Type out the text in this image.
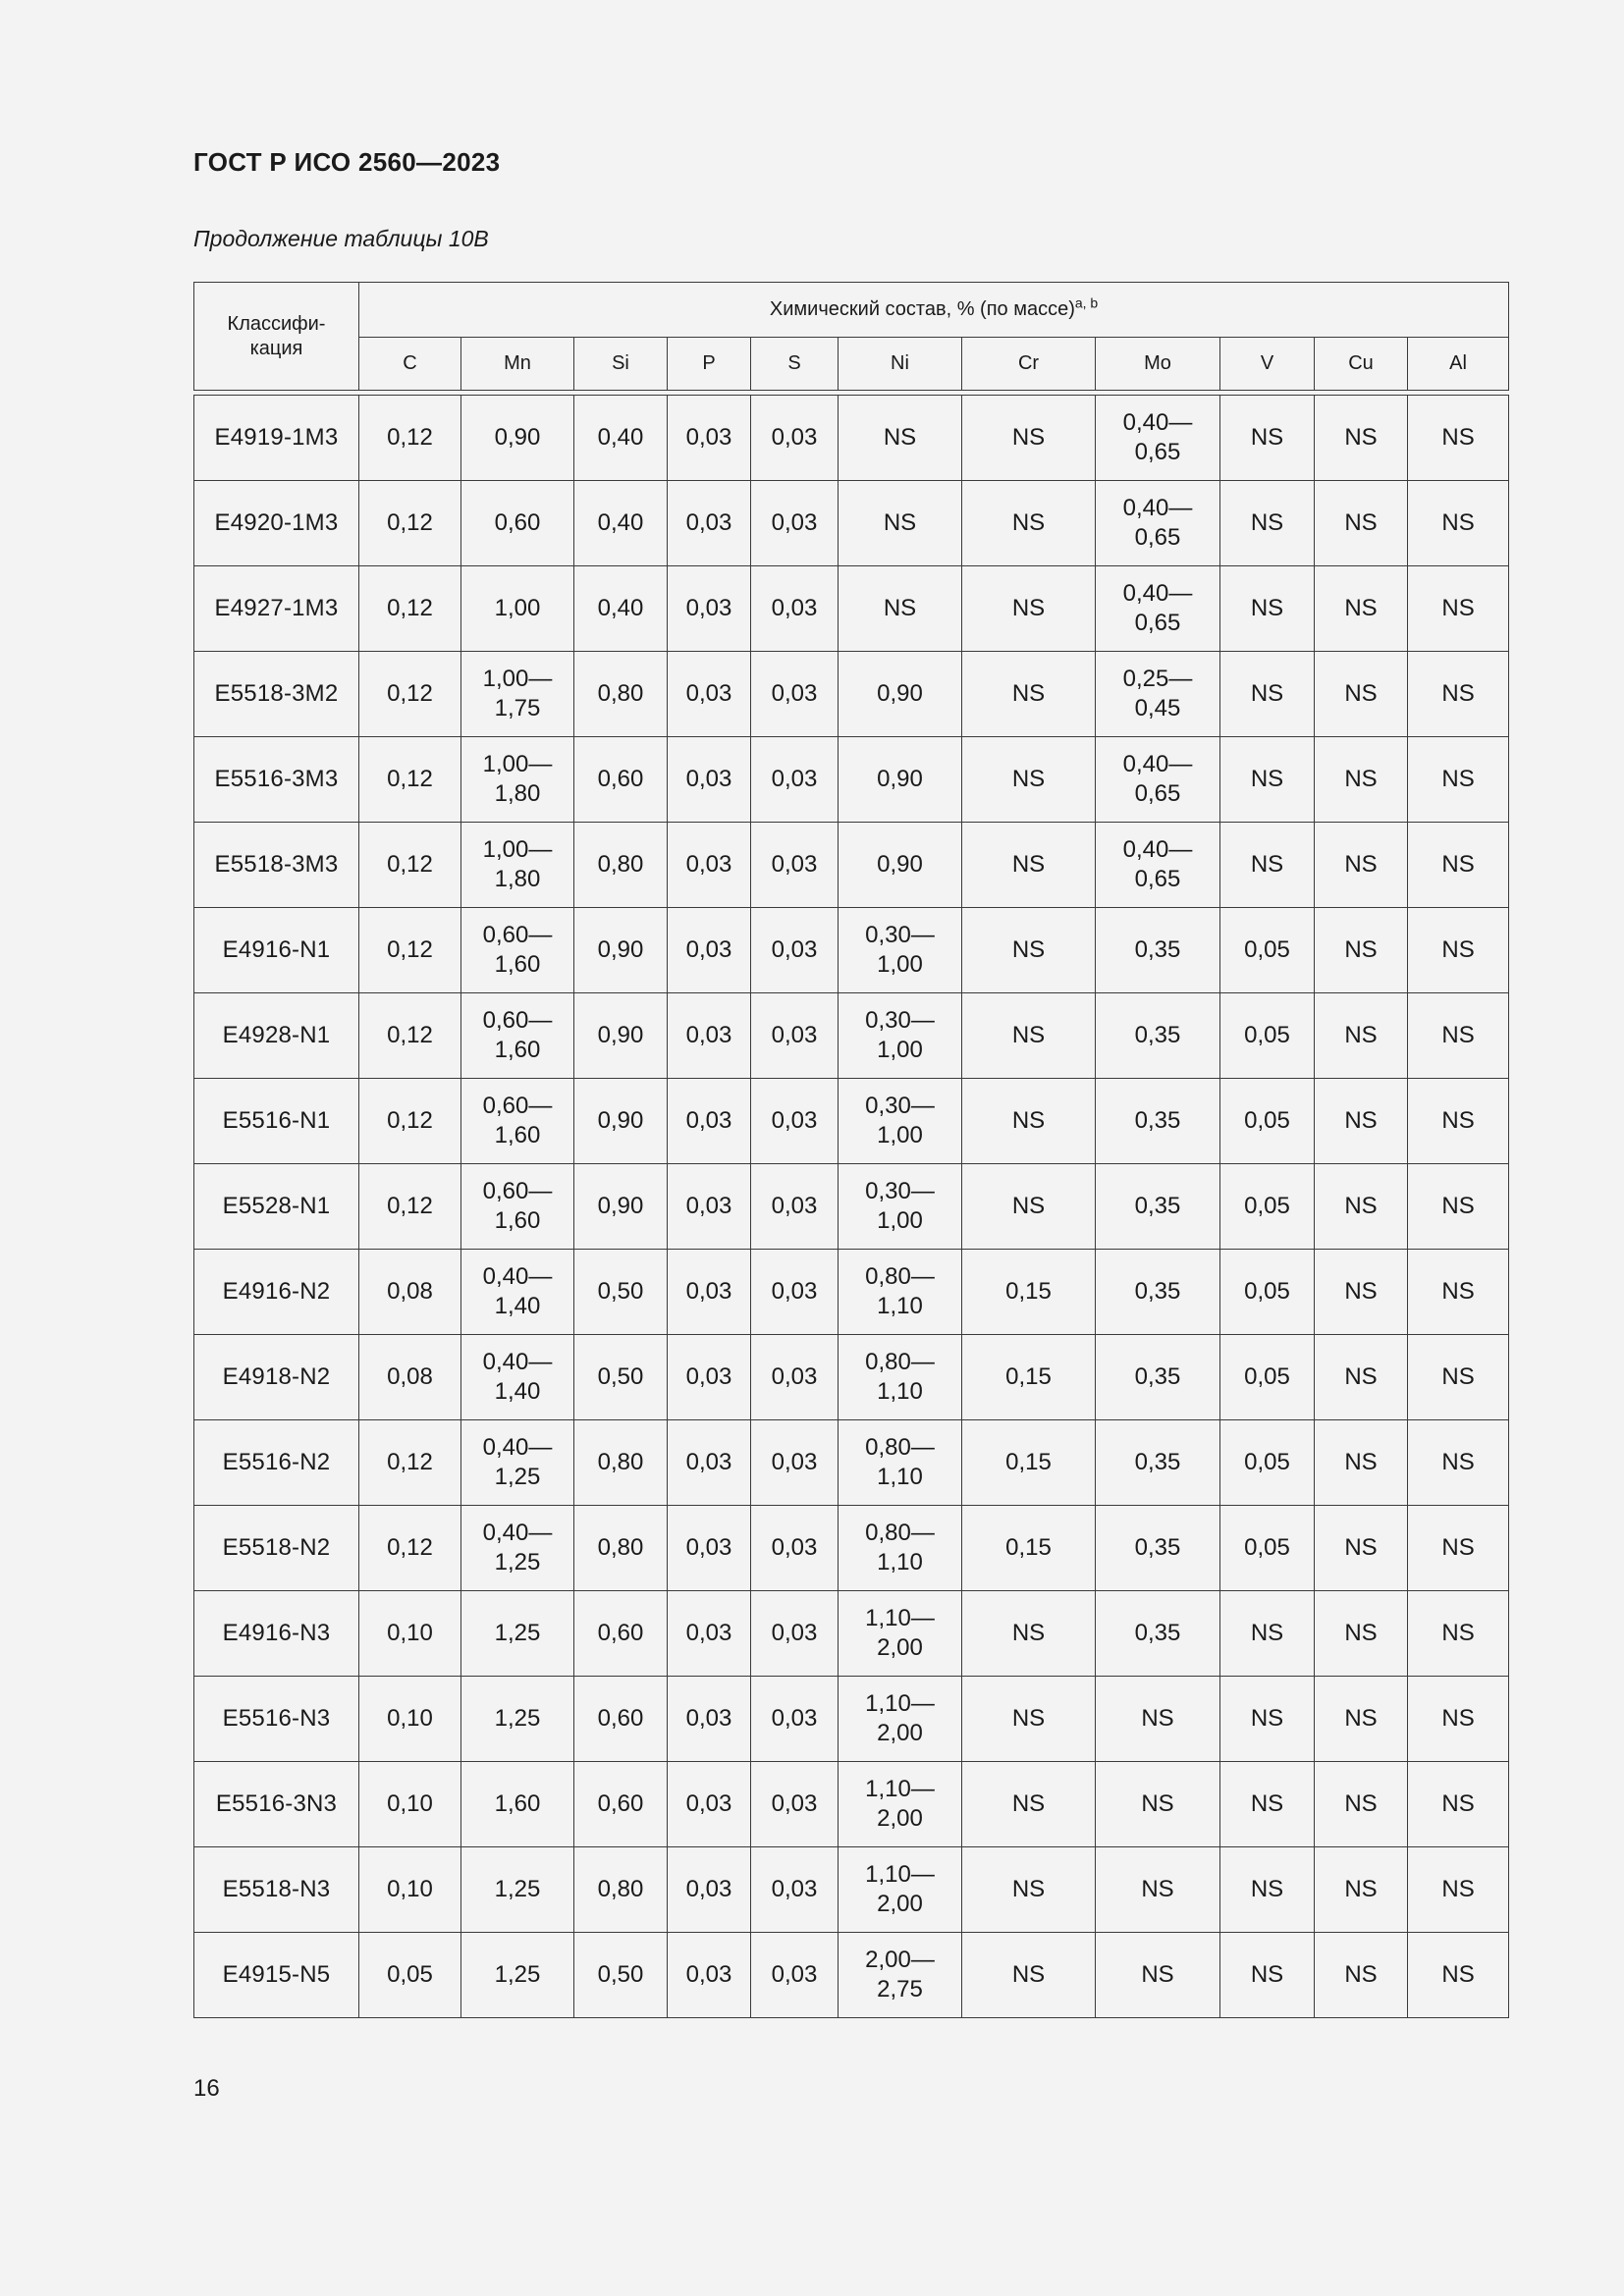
ГОСТ Р ИСО 2560—2023
Продолжение таблицы 10B
Классифи-
кация	Химический состав, % (по массе)$^{a, b}$
	C	Mn	Si	P	S	Ni	Cr	Mo	V	Cu	Al

E4919-1M3	0,12	0,90	0,40	0,03	0,03	NS	NS	0,40—
0,65	NS	NS	NS
E4920-1M3	0,12	0,60	0,40	0,03	0,03	NS	NS	0,40—
0,65	NS	NS	NS
E4927-1M3	0,12	1,00	0,40	0,03	0,03	NS	NS	0,40—
0,65	NS	NS	NS
E5518-3M2	0,12	1,00—
1,75	0,80	0,03	0,03	0,90	NS	0,25—
0,45	NS	NS	NS
E5516-3M3	0,12	1,00—
1,80	0,60	0,03	0,03	0,90	NS	0,40—
0,65	NS	NS	NS
E5518-3M3	0,12	1,00—
1,80	0,80	0,03	0,03	0,90	NS	0,40—
0,65	NS	NS	NS
E4916-N1	0,12	0,60—
1,60	0,90	0,03	0,03	0,30—
1,00	NS	0,35	0,05	NS	NS
E4928-N1	0,12	0,60—
1,60	0,90	0,03	0,03	0,30—
1,00	NS	0,35	0,05	NS	NS
E5516-N1	0,12	0,60—
1,60	0,90	0,03	0,03	0,30—
1,00	NS	0,35	0,05	NS	NS
E5528-N1	0,12	0,60—
1,60	0,90	0,03	0,03	0,30—
1,00	NS	0,35	0,05	NS	NS
E4916-N2	0,08	0,40—
1,40	0,50	0,03	0,03	0,80—
1,10	0,15	0,35	0,05	NS	NS
E4918-N2	0,08	0,40—
1,40	0,50	0,03	0,03	0,80—
1,10	0,15	0,35	0,05	NS	NS
E5516-N2	0,12	0,40—
1,25	0,80	0,03	0,03	0,80—
1,10	0,15	0,35	0,05	NS	NS
E5518-N2	0,12	0,40—
1,25	0,80	0,03	0,03	0,80—
1,10	0,15	0,35	0,05	NS	NS
E4916-N3	0,10	1,25	0,60	0,03	0,03	1,10—
2,00	NS	0,35	NS	NS	NS
E5516-N3	0,10	1,25	0,60	0,03	0,03	1,10—
2,00	NS	NS	NS	NS	NS
E5516-3N3	0,10	1,60	0,60	0,03	0,03	1,10—
2,00	NS	NS	NS	NS	NS
E5518-N3	0,10	1,25	0,80	0,03	0,03	1,10—
2,00	NS	NS	NS	NS	NS
E4915-N5	0,05	1,25	0,50	0,03	0,03	2,00—
2,75	NS	NS	NS	NS	NS
16
